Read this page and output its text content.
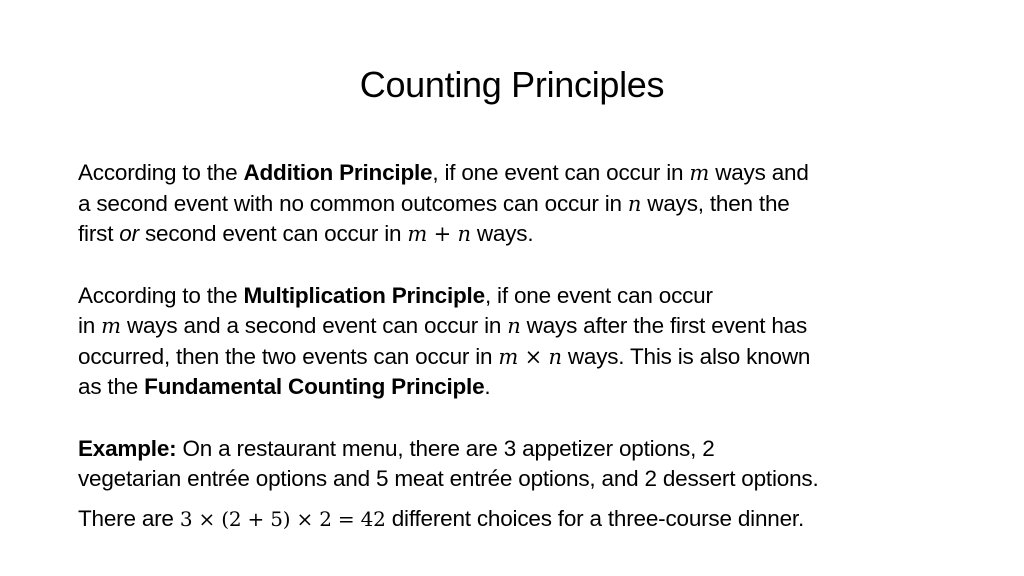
Counting Principles
According to the Addition Principle, if one event can occur in m ways and
a second event with no common outcomes can occur in n ways, then the
first or second event can occur in m + n ways.
According to the Multiplication Principle, if one event can occur
in m ways and a second event can occur in n ways after the first event has
occurred, then the two events can occur in m × n ways. This is also known
as the Fundamental Counting Principle.
Example: On a restaurant menu, there are 3 appetizer options, 2
vegetarian entrée options and 5 meat entrée options, and 2 dessert options.
There are 3 × (2 + 5) × 2 = 42 different choices for a three-course dinner.
